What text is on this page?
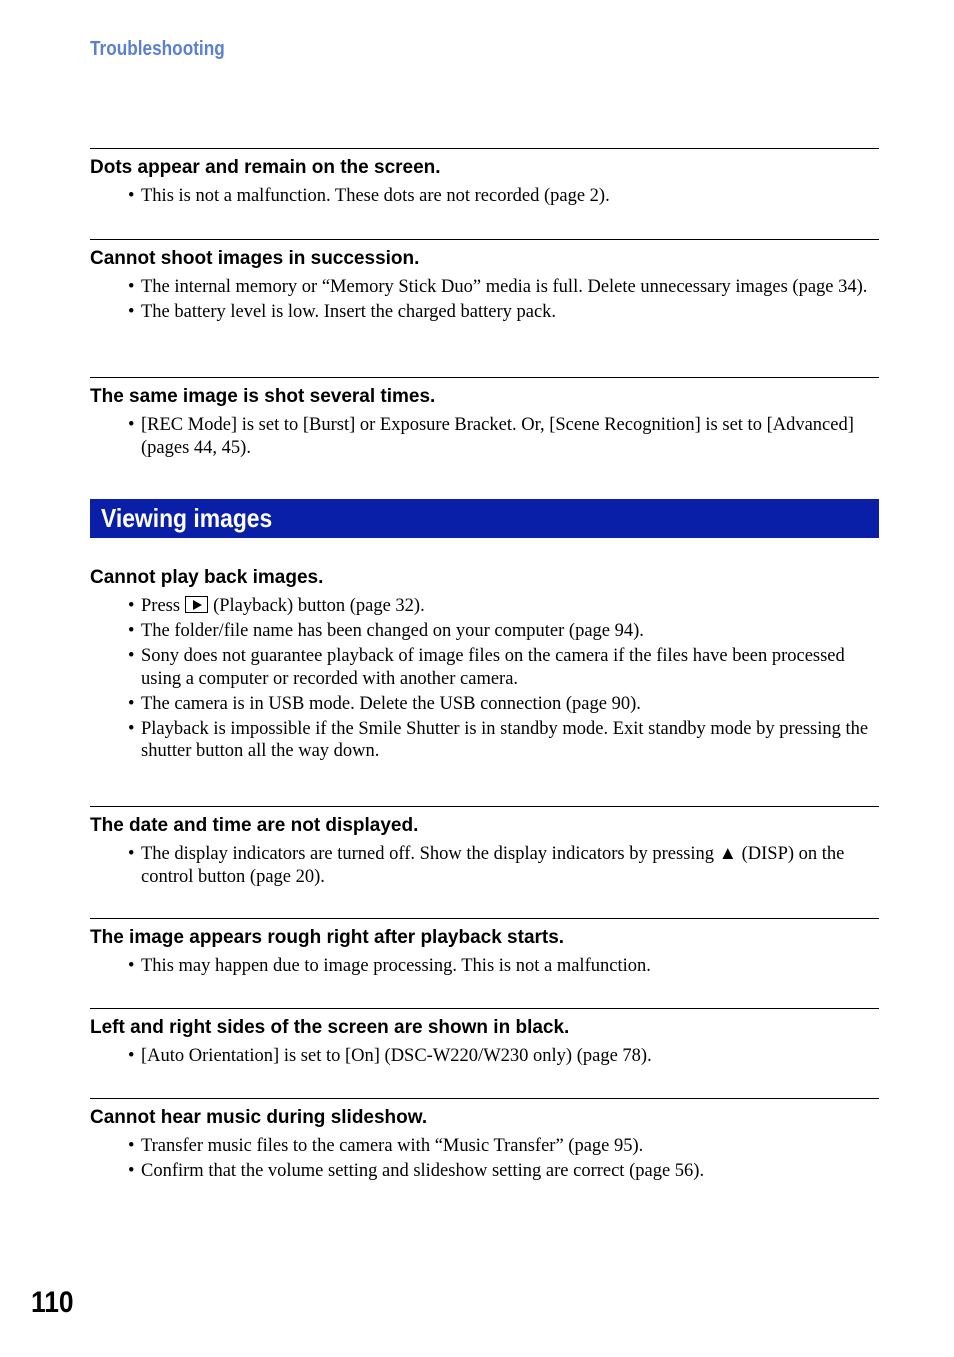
Troubleshooting

Dots appear and remain on the screen.

• This is not a malfunction. These dots are not recorded (page 2).

Cannot shoot images in succession.

• The internal memory or “Memory Stick Duo” media is full. Delete unnecessary images (page 34).
• The battery level is low. Insert the charged battery pack.

The same image is shot several times.

• [REC Mode] is set to [Burst] or Exposure Bracket. Or, [Scene Recognition] is set to [Advanced] (pages 44, 45).
Viewing images

Cannot play back images.

• Press (Playback) button (page 32).
• The folder/file name has been changed on your computer (page 94).
• Sony does not guarantee playback of image files on the camera if the files have been processed using a computer or recorded with another camera.
• The camera is in USB mode. Delete the USB connection (page 90).
• Playback is impossible if the Smile Shutter is in standby mode. Exit standby mode by pressing the shutter button all the way down.

The date and time are not displayed.

• The display indicators are turned off. Show the display indicators by pressing ▲ (DISP) on the control button (page 20).

The image appears rough right after playback starts.

• This may happen due to image processing. This is not a malfunction.

Left and right sides of the screen are shown in black.

• [Auto Orientation] is set to [On] (DSC-W220/W230 only) (page 78).

Cannot hear music during slideshow.

• Transfer music files to the camera with “Music Transfer” (page 95).
• Confirm that the volume setting and slideshow setting are correct (page 56).

110
